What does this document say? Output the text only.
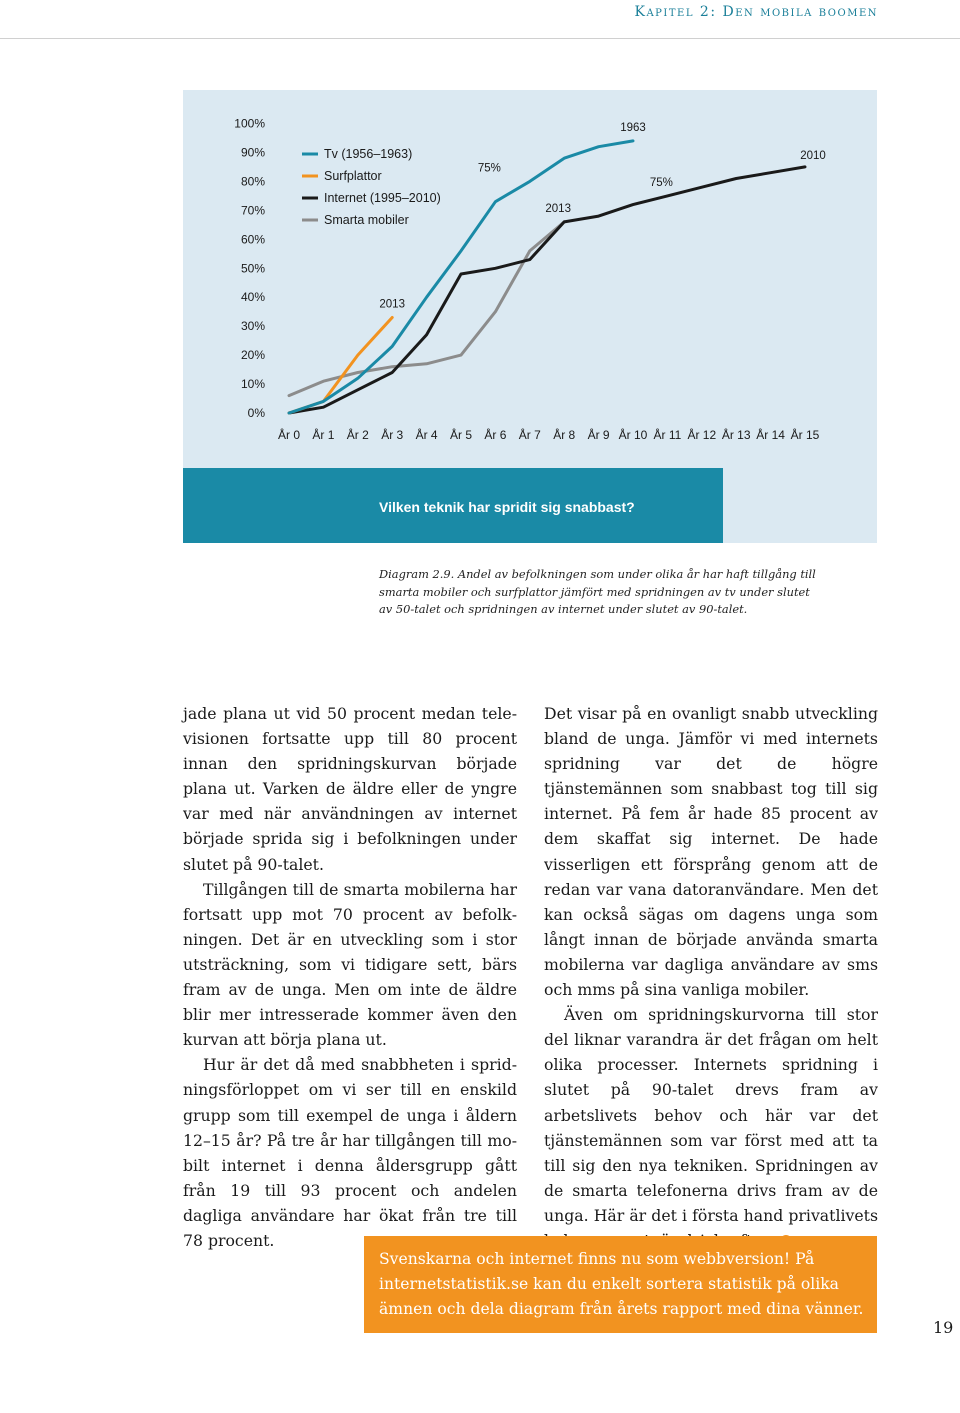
Kapitel 2: Den mobila boomen
0%
10%
20%
30%
40%
50%
60%
70%
80%
90%
100%
År 0 År 1 År 2 År 3 År 4 År 5 År 6 År 7 År 8 År 9 År 10 År 11 År 12 År 13 År 14 År 15
1963
75%
75%
2013
2013
2010
Tv (1956–1963)
Surfplattor
Internet (1995–2010)
Smarta mobiler
Vilken teknik har spridit sig snabbast?
Diagram 2.9. Andel av befolkningen som under olika år har haft tillgång till smarta mobiler och surfplattor jämfört med spridningen av tv under slutet av 50-talet och spridningen av internet under slutet av 90-talet.

jade plana ut vid 50 procent medan televisionen fortsatte upp till 80 procent innan den spridningskurvan började plana ut. Varken de äldre eller de yngre var med när användningen av internet började sprida sig i befolkningen under slutet på 90-talet.

Tillgången till de smarta mobilerna har fortsatt upp mot 70 procent av befolkningen. Det är en utveckling som i stor utsträckning, som vi tidigare sett, bärs fram av de unga. Men om inte de äldre blir mer intresserade kommer även den kurvan att börja plana ut.

Hur är det då med snabbheten i spridningsförloppet om vi ser till en enskild grupp som till exempel de unga i åldern 12–15 år? På tre år har tillgången till mobilt internet i denna åldersgrupp gått från 19 till 93 procent och andelen dagliga användare har ökat från tre till 78 procent.

Det visar på en ovanligt snabb utveckling bland de unga. Jämför vi med internets spridning var det de högre tjänstemännen som snabbast tog till sig internet. På fem år hade 85 procent av dem skaffat sig internet. De hade visserligen ett försprång genom att de redan var vana datoranvändare. Men det kan också sägas om dagens unga som långt innan de började använda smarta mobilerna var dagliga användare av sms och mms på sina vanliga mobiler.

Även om spridningskurvorna till stor del liknar varandra är det frågan om helt olika processer. Internets spridning i slutet på 90-talet drevs fram av arbetslivets behov och här var det tjänstemännen som var först med att ta till sig den nya tekniken. Spridningen av de smarta telefonerna drivs fram av de unga. Här är det i första hand privatlivets

Svenskarna och internet finns nu som webbversion! På internetstatistik.se kan du enkelt sortera statistik på olika ämnen och dela diagram från årets rapport med dina vänner.

19
